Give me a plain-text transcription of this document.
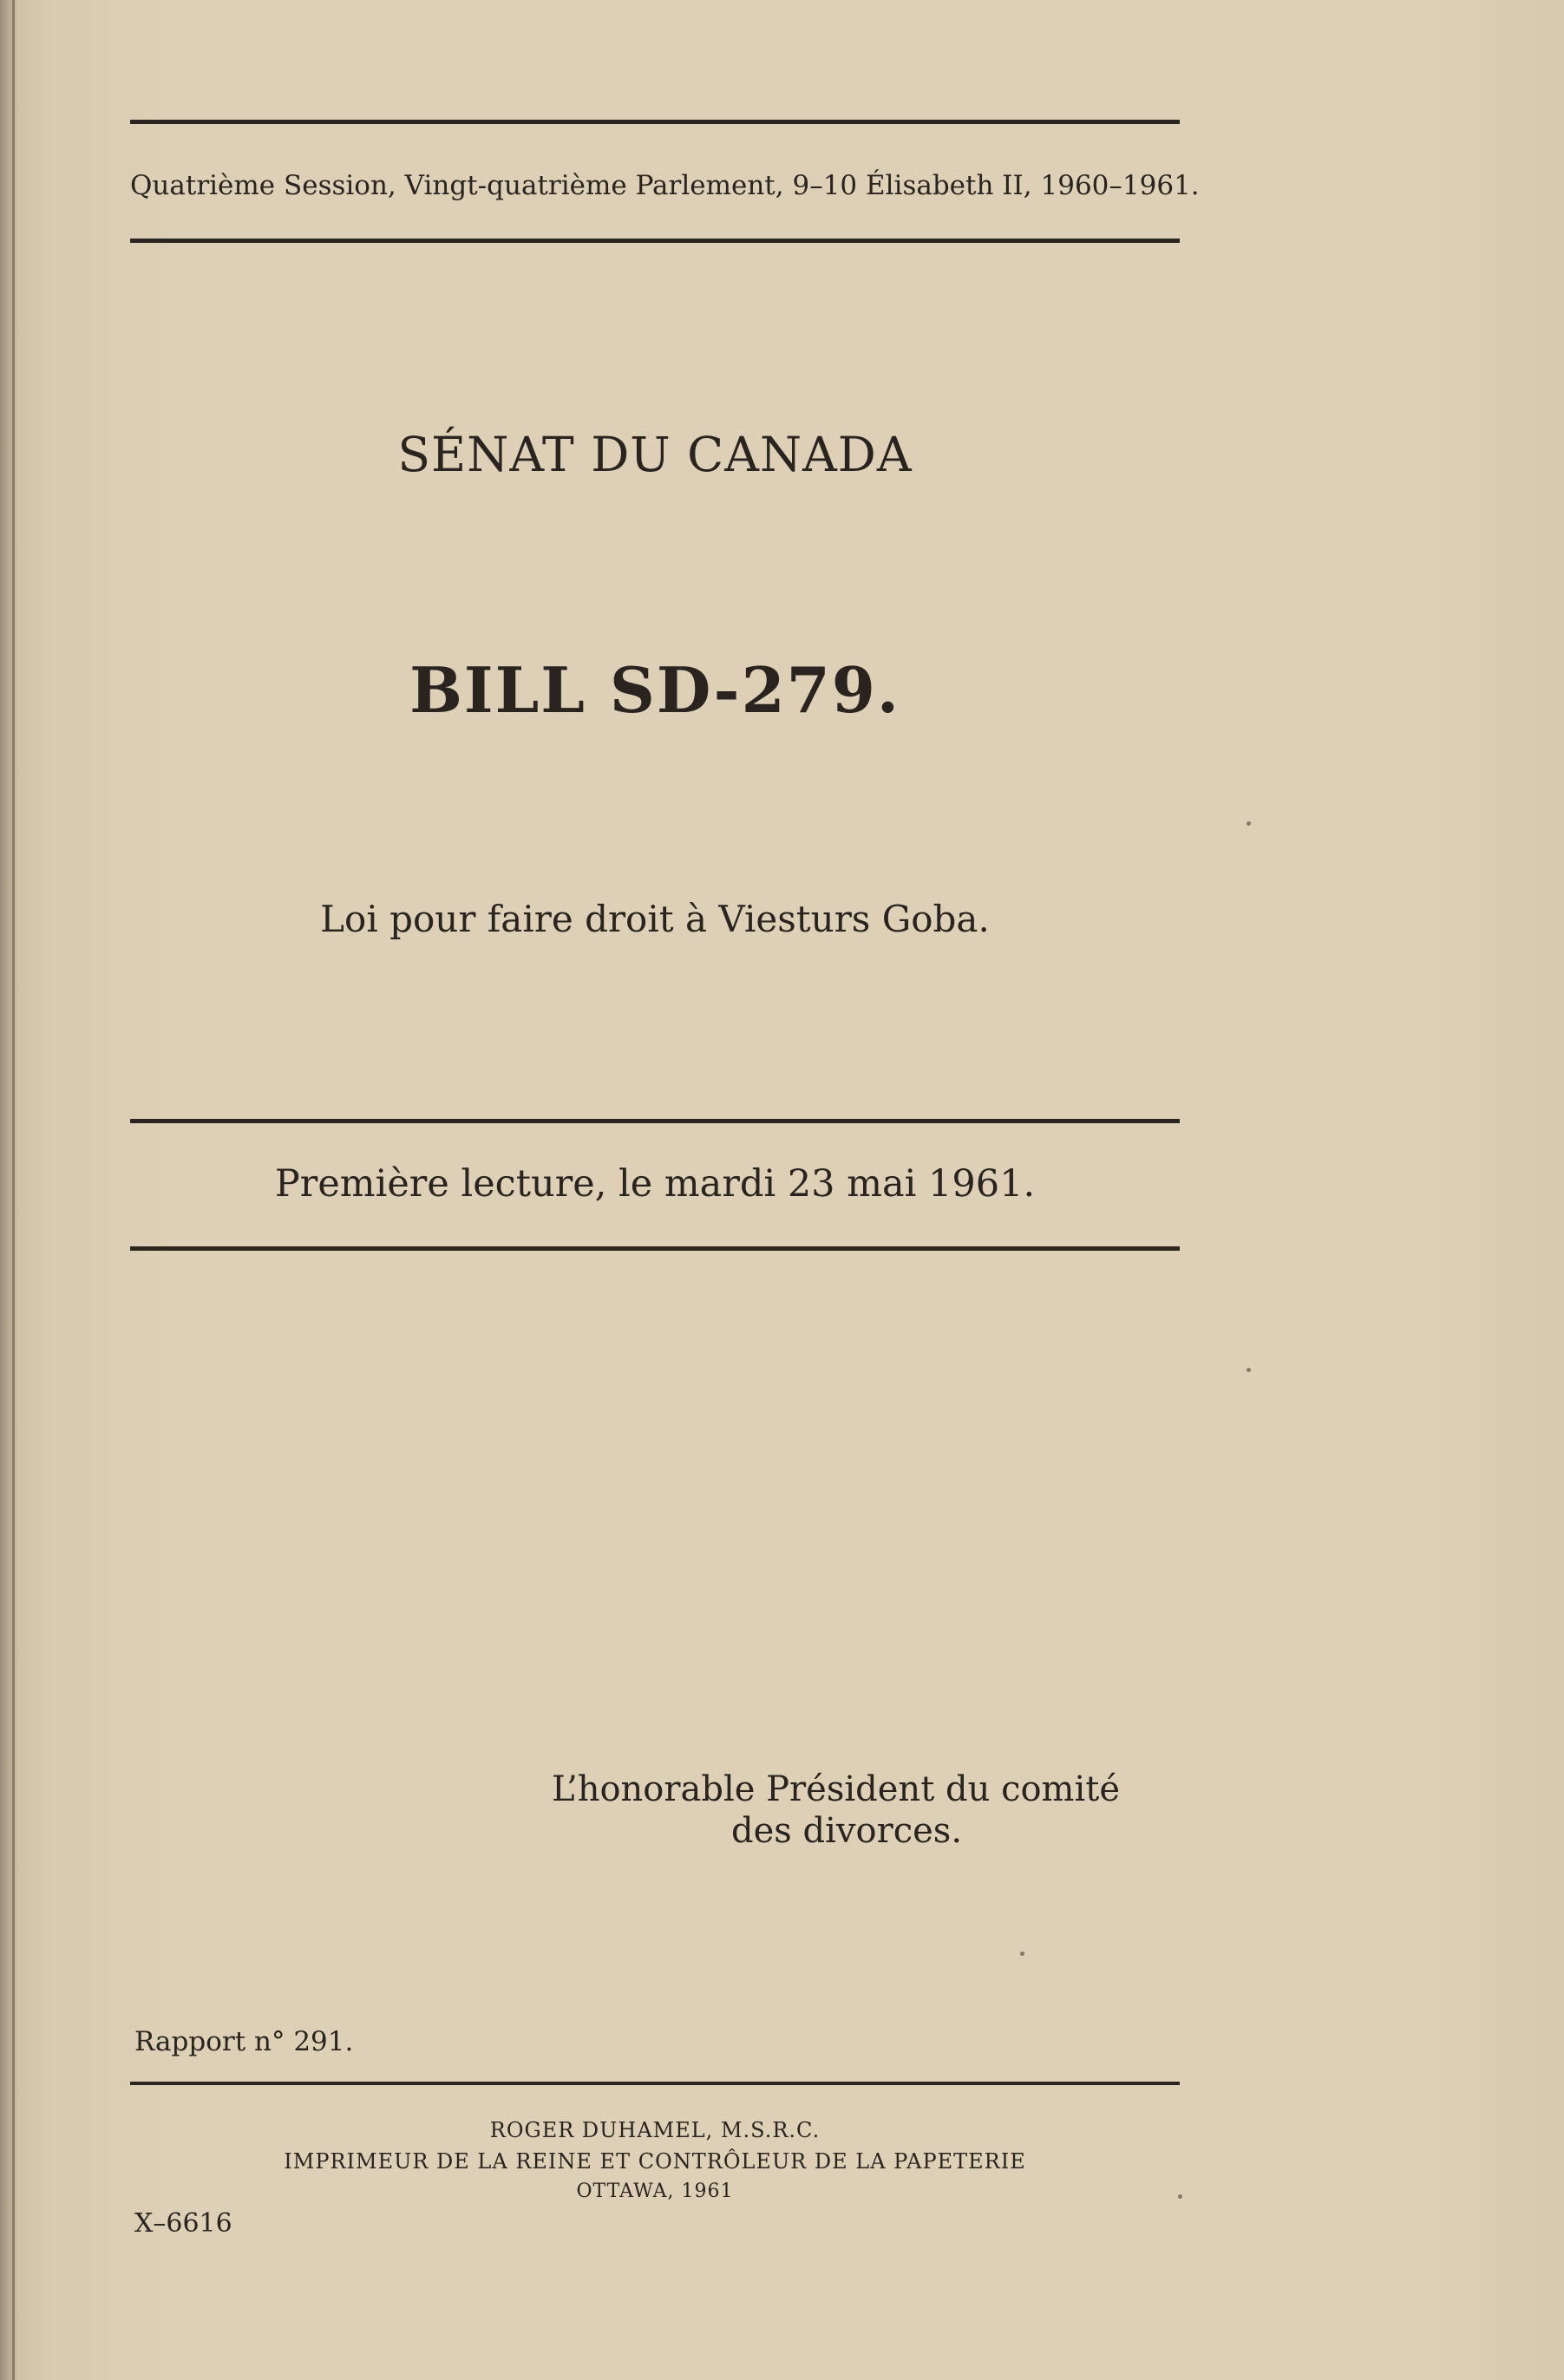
Quatrième Session, Vingt-quatrième Parlement, 9–10 Élisabeth II, 1960–1961.
SÉNAT DU CANADA
BILL SD-279.
Loi pour faire droit à Viesturs Goba.
Première lecture, le mardi 23 mai 1961.
L’honorable Président du comité
des divorces.
Rapport n° 291.
ROGER DUHAMEL, M.S.R.C.
IMPRIMEUR DE LA REINE ET CONTRÔLEUR DE LA PAPETERIE
OTTAWA, 1961
X–6616
